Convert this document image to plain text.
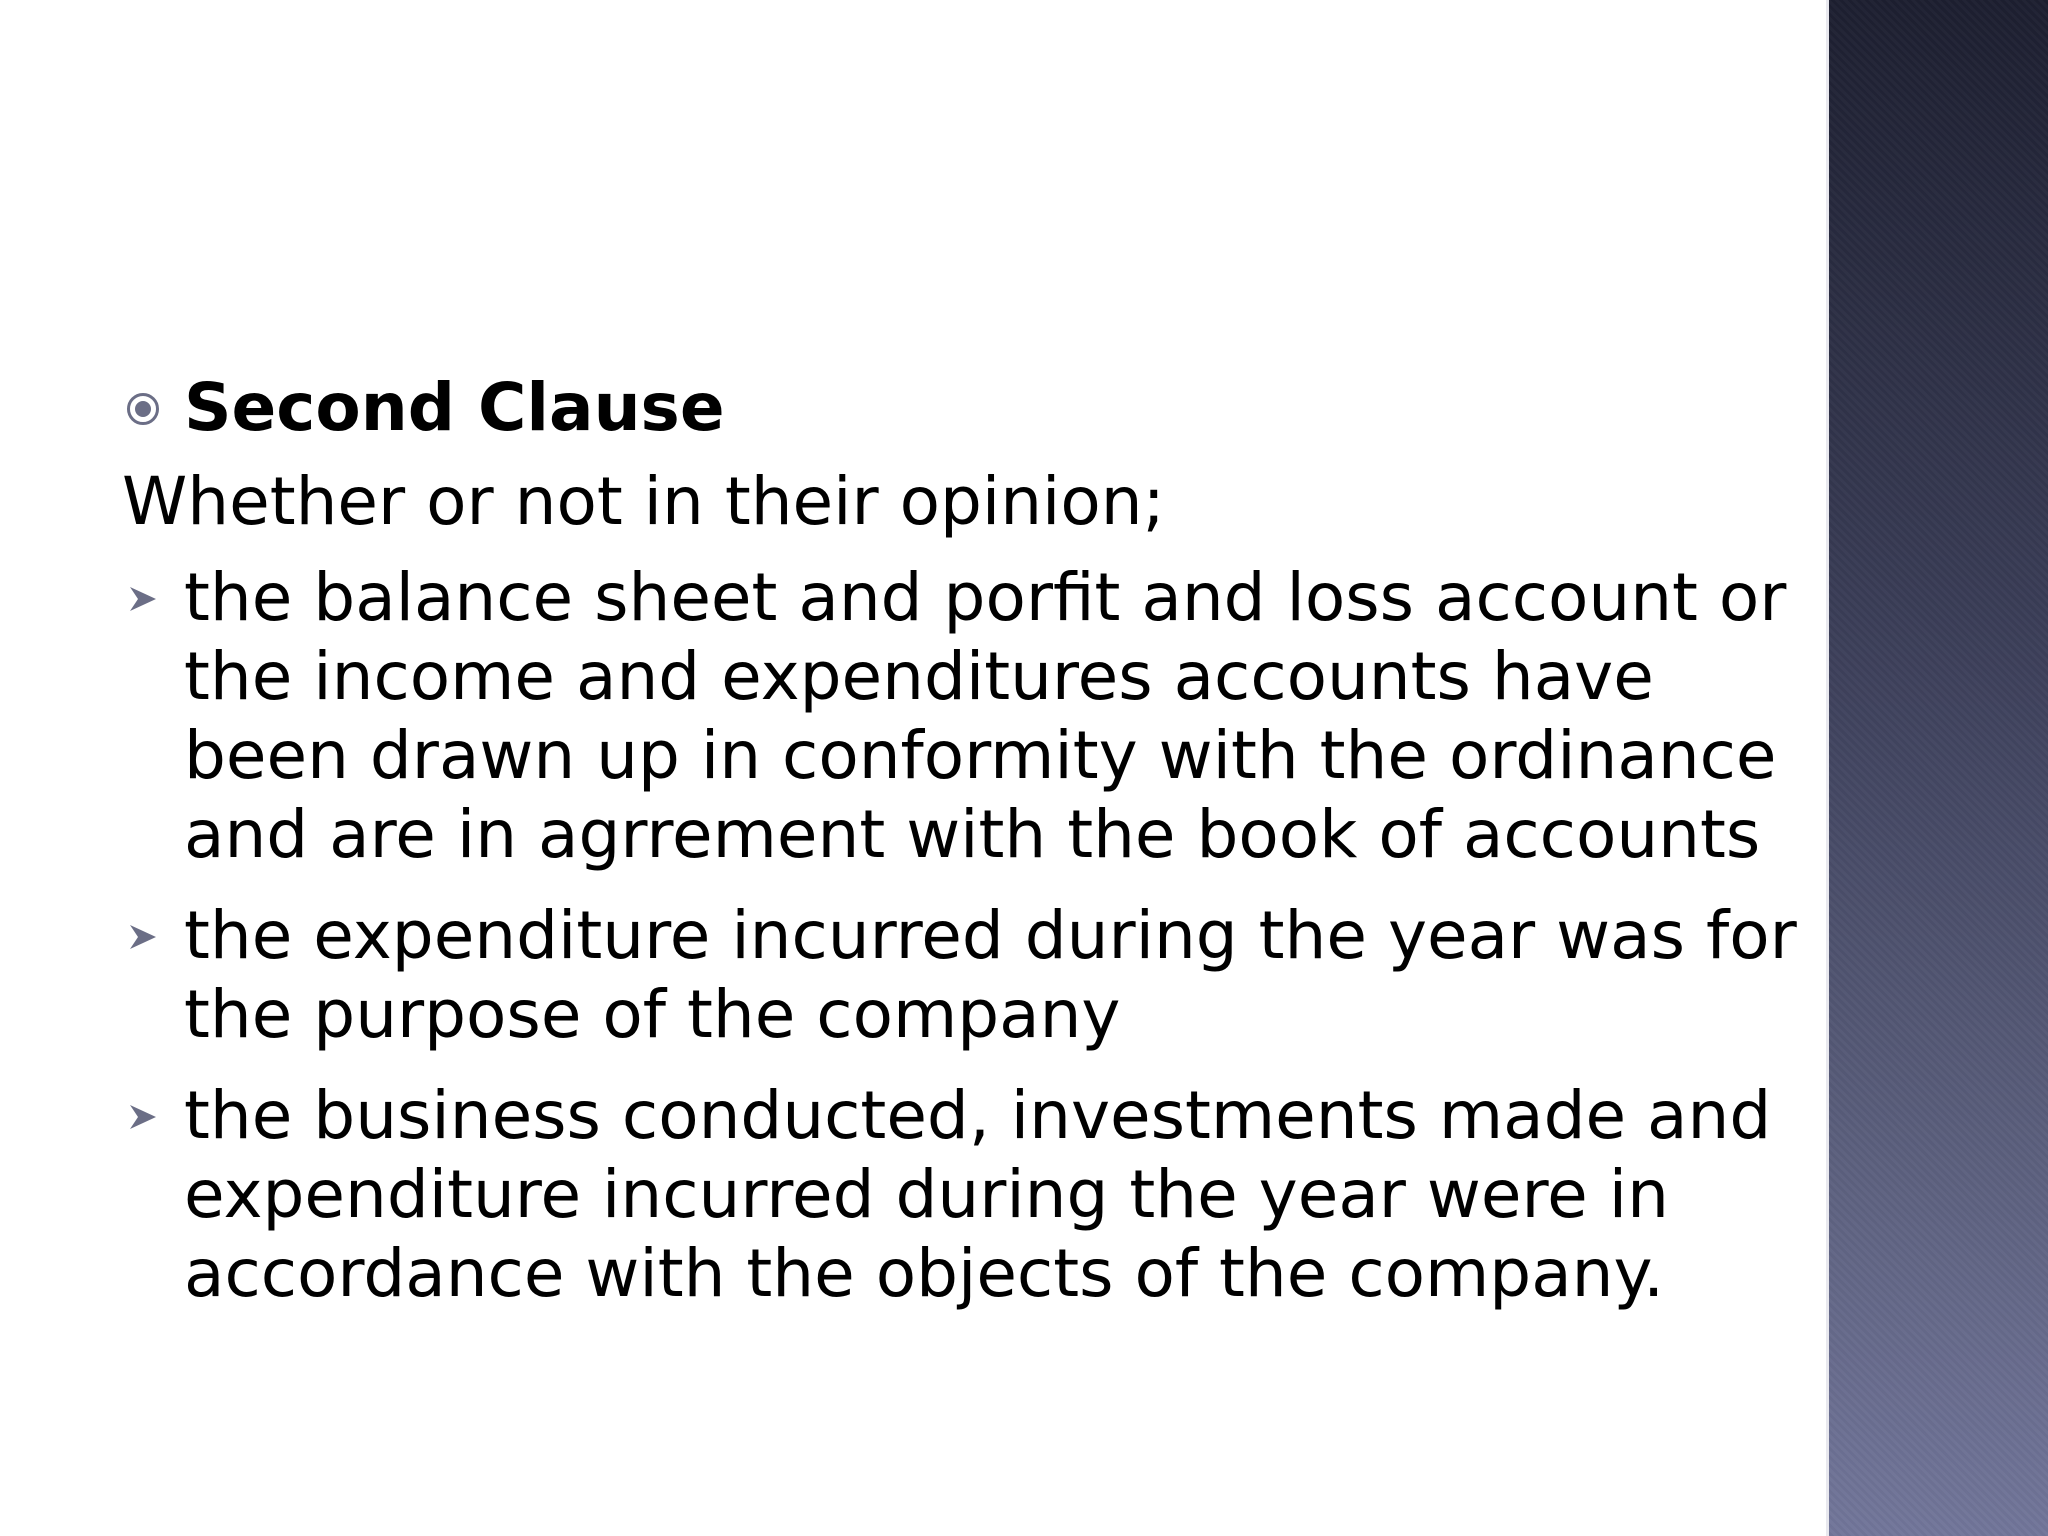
Second Clause
Whether or not in their opinion;
the balance sheet and porfit and loss account or the income and expenditures accounts have been drawn up in conformity with the ordinance and are in agrrement with the book of accounts
the expenditure incurred during the year was for the purpose of the company
the business conducted, investments made and expenditure incurred during the year were in accordance with the objects of the company.
